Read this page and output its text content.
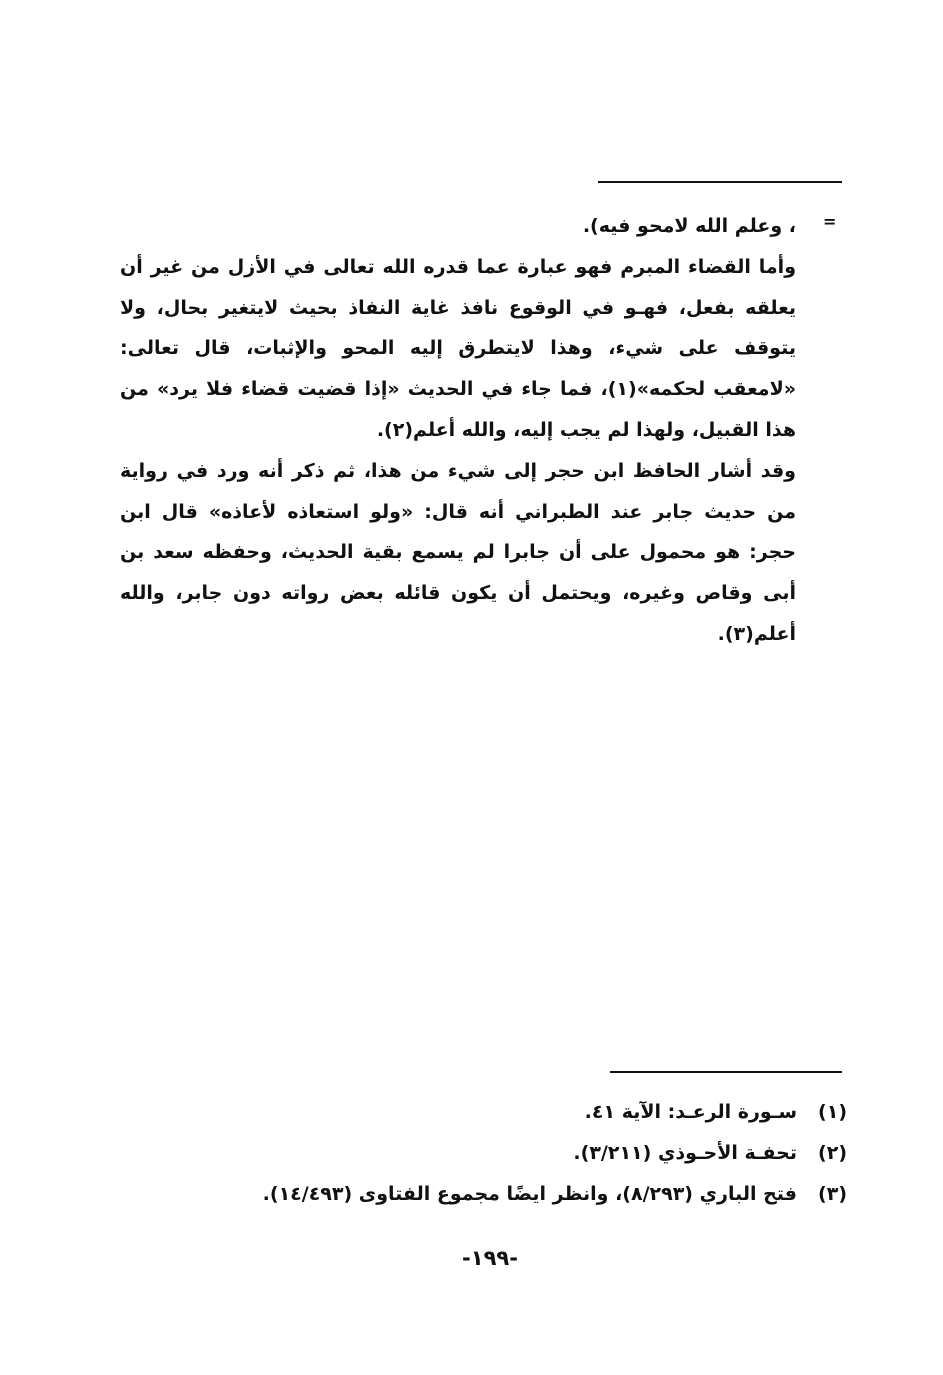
=

، وعلم الله لامحو فيه).

وأما القضاء المبرم فهو عبارة عما قدره الله تعالى في الأزل من غير أن يعلقه بفعل، فهـو في الوقوع نافذ غاية النفاذ بحيث لايتغير بحال، ولا يتوقف على شيء، وهذا لايتطرق إليه المحو والإثبات، قال تعالى: «لامعقب لحكمه»(١)، فما جاء في الحديث «إذا قضيت قضاء فلا يرد» من هذا القبيل، ولهذا لم يجب إليه، والله أعلم(٢).

وقد أشار الحافظ ابن حجر إلى شيء من هذا، ثم ذكر أنه ورد في رواية من حديث جابر عند الطبراني أنه قال: «ولو استعاذه لأعاذه» قال ابن حجر: هو محمول على أن جابرا لم يسمع بقية الحديث، وحفظه سعد بن أبى وقاص وغيره، ويحتمل أن يكون قائله بعض رواته دون جابر، والله أعلم(٣).

(١)
سـورة الرعـد: الآية ٤١.
(٢)
تحفـة الأحـوذي (٣/٢١١).
(٣)
فتح الباري (٨/٢٩٣)، وانظر ايضًا مجموع الفتاوى (١٤/٤٩٣).
-١٩٩-
